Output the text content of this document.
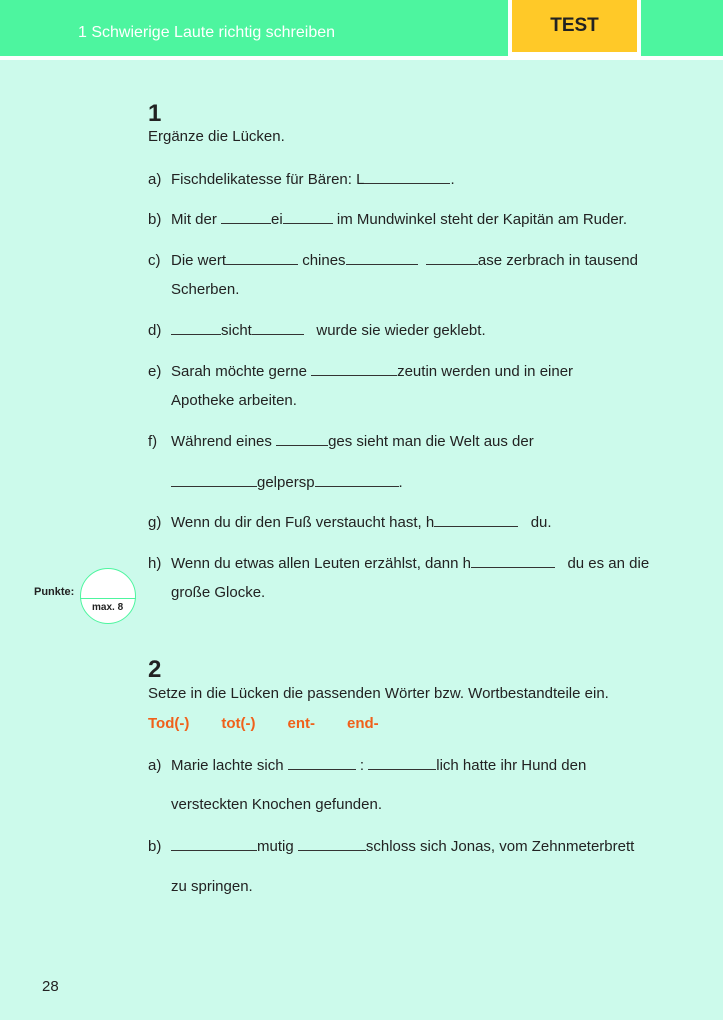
1 Schwierige Laute richtig schreiben	TEST
1
Ergänze die Lücken.
a) Fischdelikatesse für Bären: L	.
b) Mit der	ei	im Mundwinkel steht der Kapitän am Ruder.
c) Die wert	chines	ase zerbrach in tausend
Scherben.
d)	sicht	wurde sie wieder geklebt.
e) Sarah möchte gerne	zeutin werden und in einer
Apotheke arbeiten.
f) Während eines	ges sieht man die Welt aus der
gelpersp	.
g) Wenn du dir den Fuß verstaucht hast, h	du.
h) Wenn du etwas allen Leuten erzählst, dann h	du es an die
große Glocke.
Punkte:
max. 8
2
Setze in die Lücken die passenden Wörter bzw. Wortbestandteile ein.
Tod(-) tot(-) ent- end-
a) Marie lachte sich	:	lich hatte ihr Hund den
versteckten Knochen gefunden.
b)	mutig	schloss sich Jonas, vom Zehnmeterbrett
zu springen.
28
